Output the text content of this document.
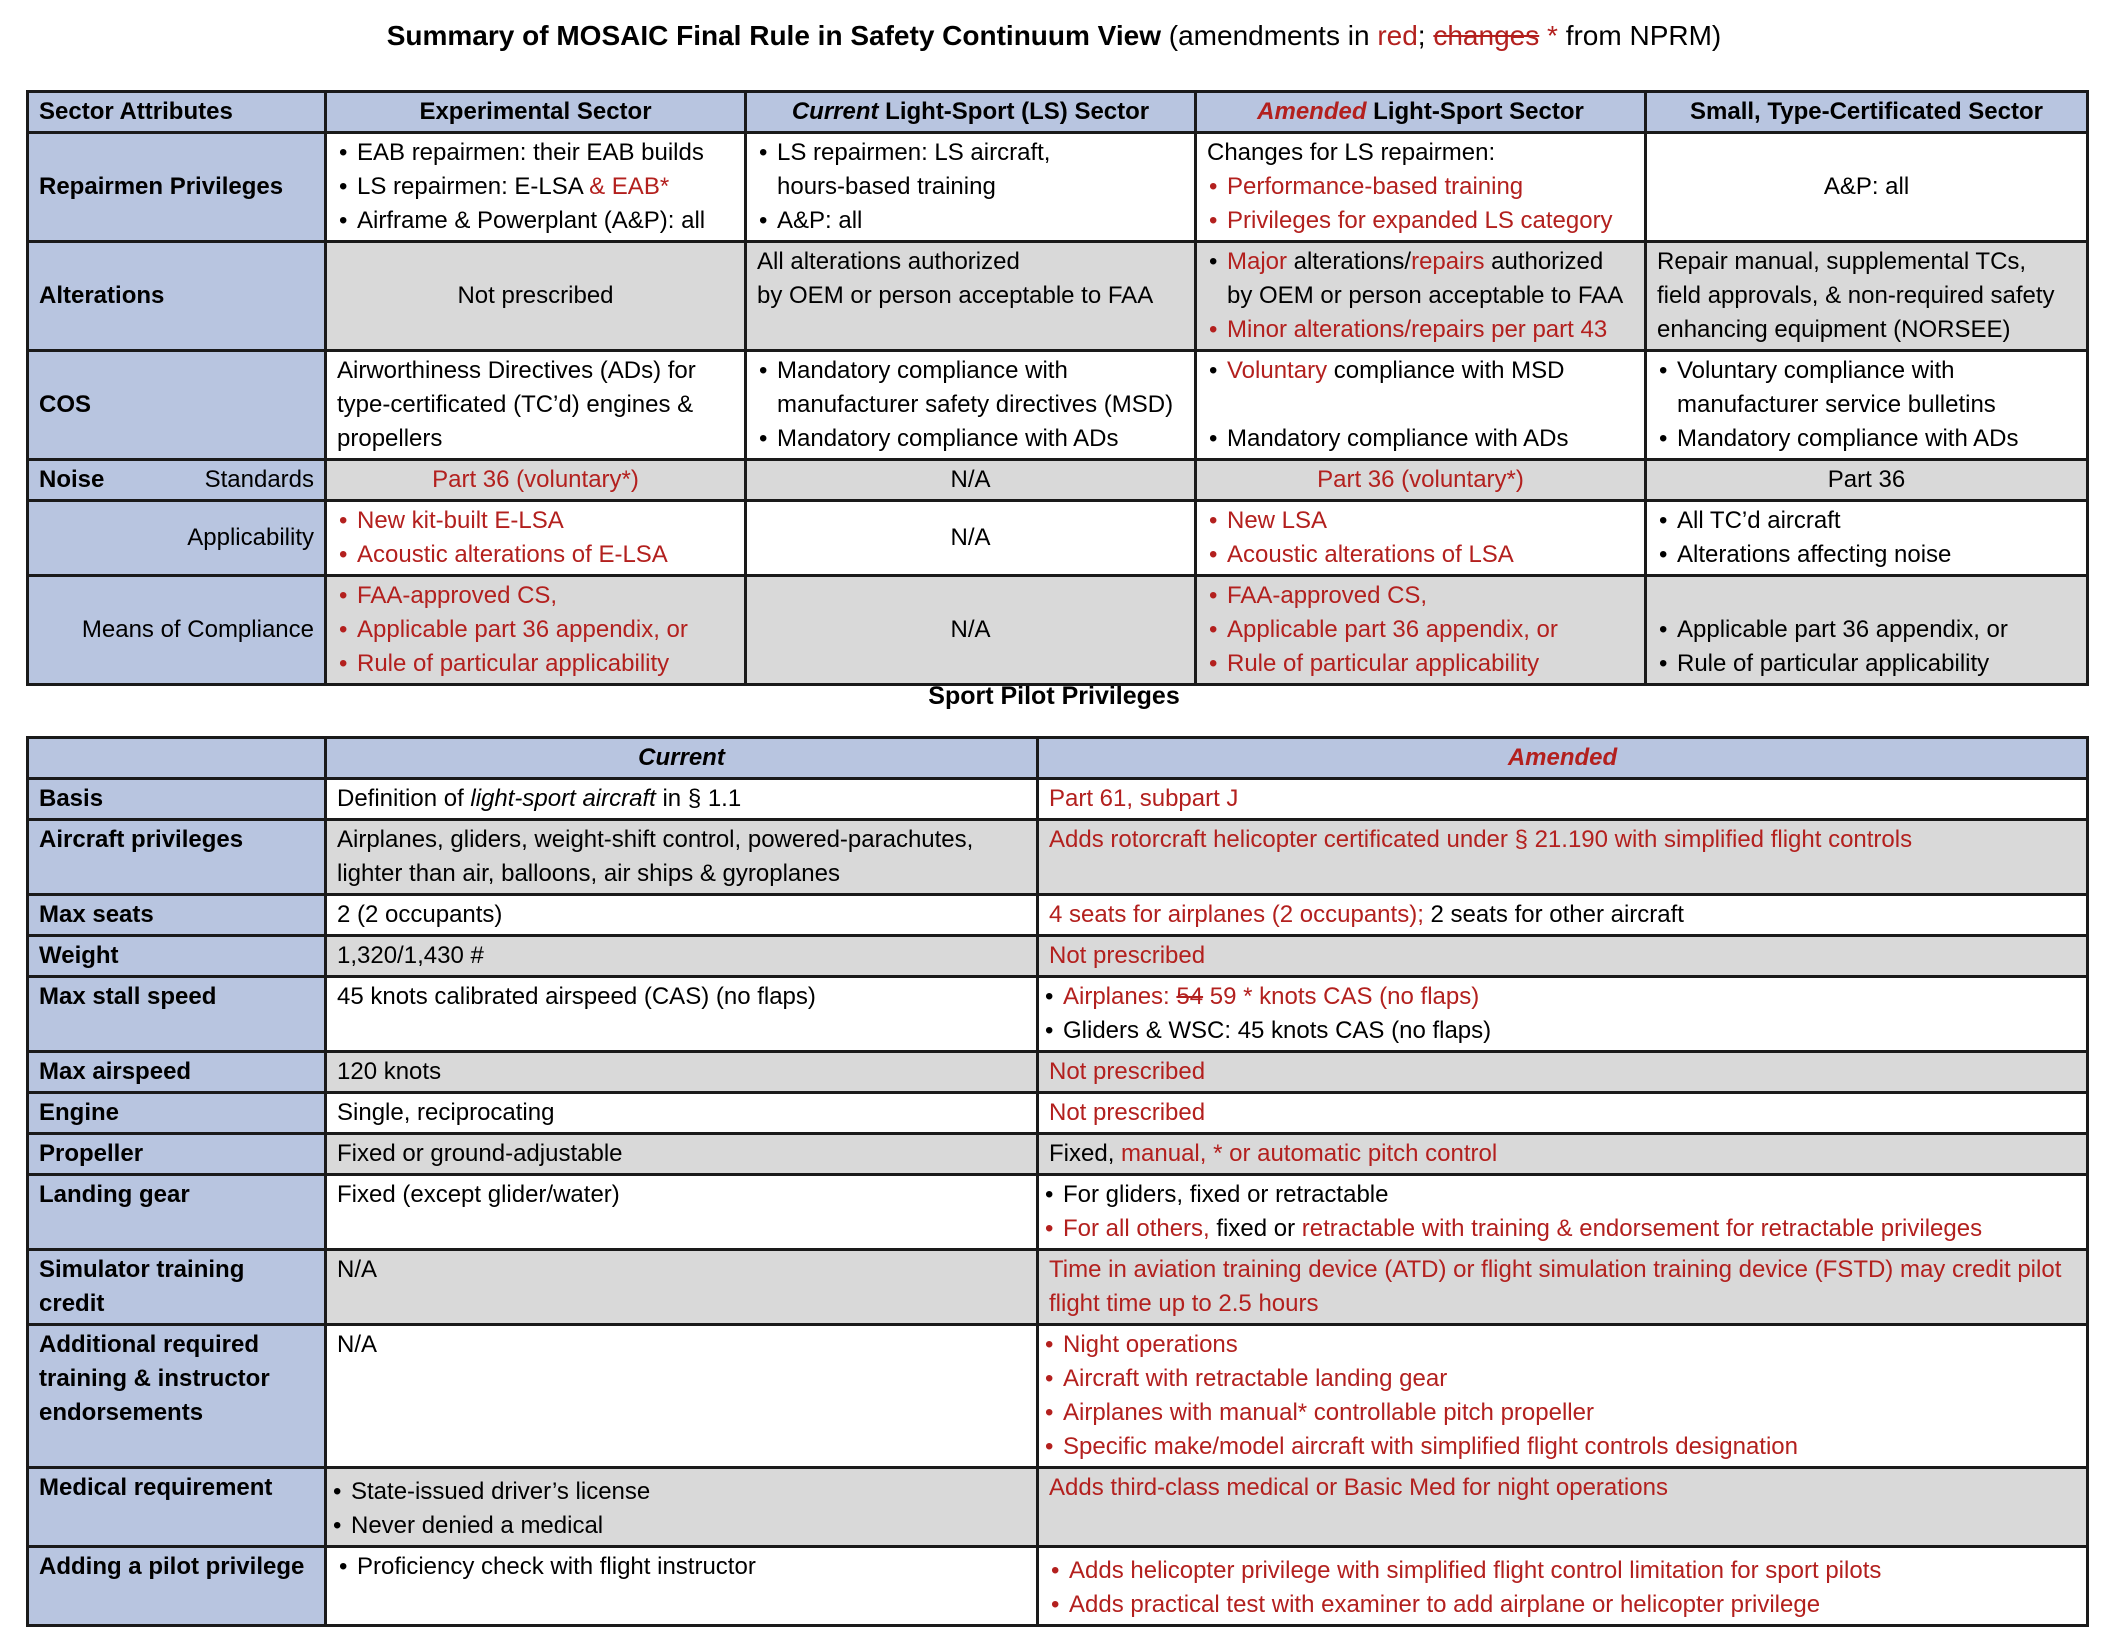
Summary of MOSAIC Final Rule in Safety Continuum View (amendments in red; changes * from NPRM)
Sector Attributes	Experimental Sector	Current Light-Sport (LS) Sector	Amended Light-Sport Sector	Small, Type-Certificated Sector
Repairmen Privileges	• EAB repairmen: their EAB builds
• LS repairmen: E-LSA & EAB*
• Airframe & Powerplant (A&P): all	• LS repairmen: LS aircraft,
hours-based training
• A&P: all	Changes for LS repairmen:
• Performance-based training
• Privileges for expanded LS category	A&P: all
Alterations	Not prescribed	All alterations authorized
by OEM or person acceptable to FAA	• Major alterations/repairs authorized
by OEM or person acceptable to FAA
• Minor alterations/repairs per part 43	Repair manual, supplemental TCs,
field approvals, & non-required safety
enhancing equipment (NORSEE)

COS	Airworthiness Directives (ADs) for
type-certificated (TC’d) engines &
propellers	• Mandatory compliance with
manufacturer safety directives (MSD)
• Mandatory compliance with ADs	• Voluntary compliance with MSD

• Mandatory compliance with ADs	• Voluntary compliance with
manufacturer service bulletins
• Mandatory compliance with ADs

Noise Standards	Part 36 (voluntary*)	N/A	Part 36 (voluntary*)	Part 36
Applicability	• New kit-built E-LSA
• Acoustic alterations of E-LSA	N/A	• New LSA
• Acoustic alterations of LSA	• All TC’d aircraft
• Alterations affecting noise

Means of Compliance	• FAA-approved CS,
• Applicable part 36 appendix, or
• Rule of particular applicability	N/A	• FAA-approved CS,
• Applicable part 36 appendix, or
• Rule of particular applicability	• Applicable part 36 appendix, or
• Rule of particular applicability
Sport Pilot Privileges
	Current	Amended
Basis	Definition of light-sport aircraft in § 1.1	Part 61, subpart J
Aircraft privileges	Airplanes, gliders, weight-shift control, powered-parachutes, lighter than air, balloons, air ships & gyroplanes	Adds rotorcraft helicopter certificated under § 21.190 with simplified flight controls
Max seats	2 (2 occupants)	4 seats for airplanes (2 occupants); 2 seats for other aircraft
Weight	1,320/1,430 #	Not prescribed
Max stall speed	45 knots calibrated airspeed (CAS) (no flaps)	• Airplanes: 54 59 * knots CAS (no flaps)
• Gliders & WSC: 45 knots CAS (no flaps)

Max airspeed	120 knots	Not prescribed
Engine	Single, reciprocating	Not prescribed
Propeller	Fixed or ground-adjustable	Fixed, manual, * or automatic pitch control
Landing gear	Fixed (except glider/water)	• For gliders, fixed or retractable
• For all others, fixed or retractable with training & endorsement for retractable privileges

Simulator training credit	N/A	Time in aviation training device (ATD) or flight simulation training device (FSTD) may credit pilot flight time up to 2.5 hours
Additional required training & instructor endorsements	N/A	• Night operations
• Aircraft with retractable landing gear
• Airplanes with manual* controllable pitch propeller
• Specific make/model aircraft with simplified flight controls designation

Medical requirement	• State-issued driver’s license
• Never denied a medical	Adds third-class medical or Basic Med for night operations
Adding a pilot privilege	• Proficiency check with flight instructor	• Adds helicopter privilege with simplified flight control limitation for sport pilots
• Adds practical test with examiner to add airplane or helicopter privilege
